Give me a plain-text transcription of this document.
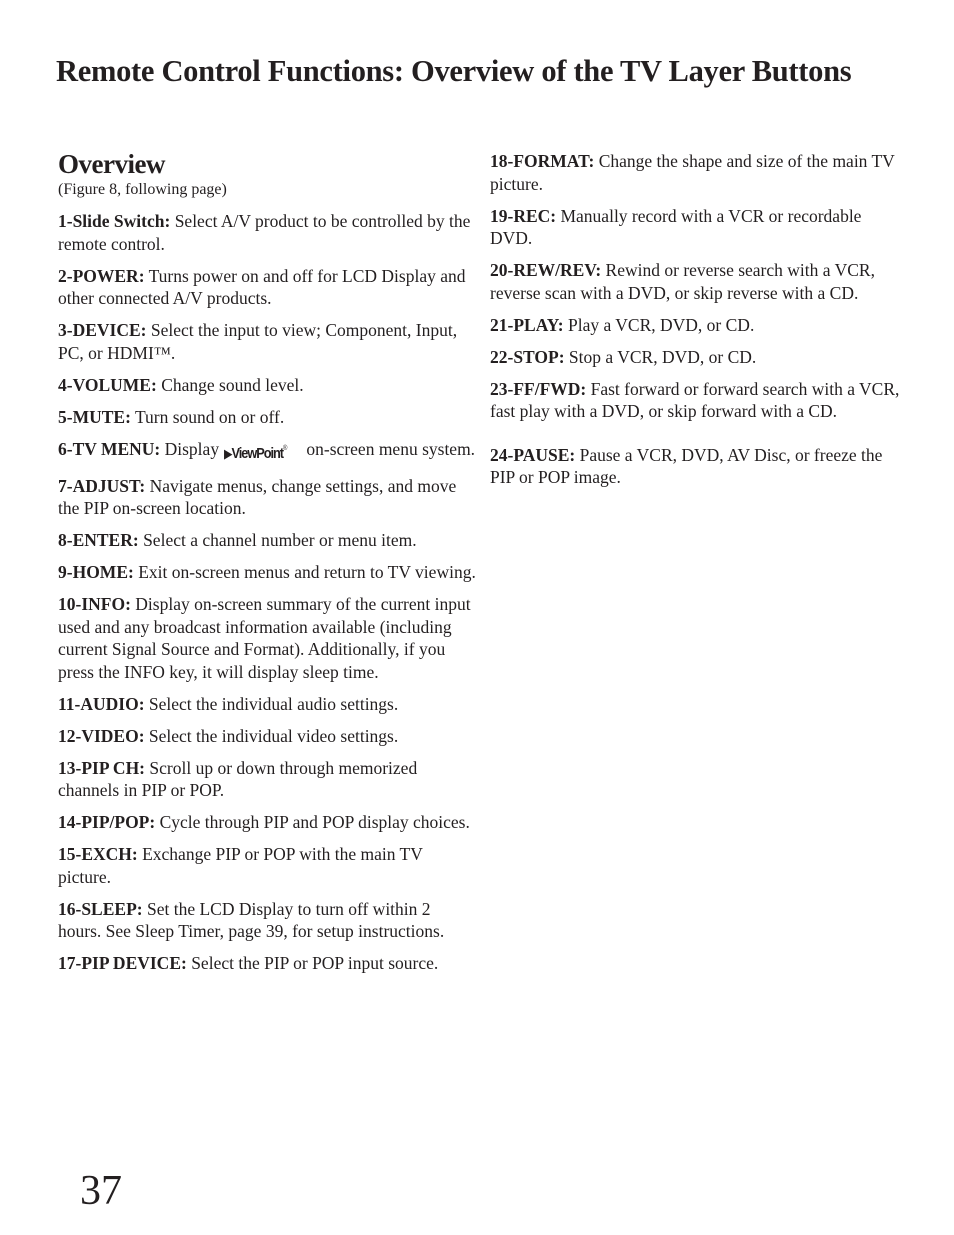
Remote Control Functions: Overview of the TV Layer Buttons
Overview

(Figure 8, following page)

1-Slide Switch: Select A/V product to be controlled by the remote control.

2-POWER: Turns power on and off for LCD Display and other connected A/V products.

3-DEVICE: Select the input to view; Component, Input, PC, or HDMI™.

4-VOLUME: Change sound level.

5-MUTE: Turn sound on or off.

6-TV MENU: Display ▶ViewPoint® on-screen menu system.

7-ADJUST: Navigate menus, change settings, and move the PIP on-screen location.

8-ENTER: Select a channel number or menu item.

9-HOME: Exit on-screen menus and return to TV viewing.

10-INFO: Display on-screen summary of the current input used and any broadcast information available (including current Signal Source and Format). Additionally, if you press the INFO key, it will display sleep time.

11-AUDIO: Select the individual audio settings.

12-VIDEO: Select the individual video settings.

13-PIP CH: Scroll up or down through memorized channels in PIP or POP.

14-PIP/POP: Cycle through PIP and POP display choices.

15-EXCH: Exchange PIP or POP with the main TV picture.

16-SLEEP: Set the LCD Display to turn off within 2 hours. See Sleep Timer, page 39, for setup instructions.

17-PIP DEVICE: Select the PIP or POP input source.

18-FORMAT: Change the shape and size of the main TV picture.

19-REC: Manually record with a VCR or recordable DVD.

20-REW/REV: Rewind or reverse search with a VCR, reverse scan with a DVD, or skip reverse with a CD.

21-PLAY: Play a VCR, DVD, or CD.

22-STOP: Stop a VCR, DVD, or CD.

23-FF/FWD: Fast forward or forward search with a VCR, fast play with a DVD, or skip forward with a CD.

24-PAUSE: Pause a VCR, DVD, AV Disc, or freeze the PIP or POP image.

37
